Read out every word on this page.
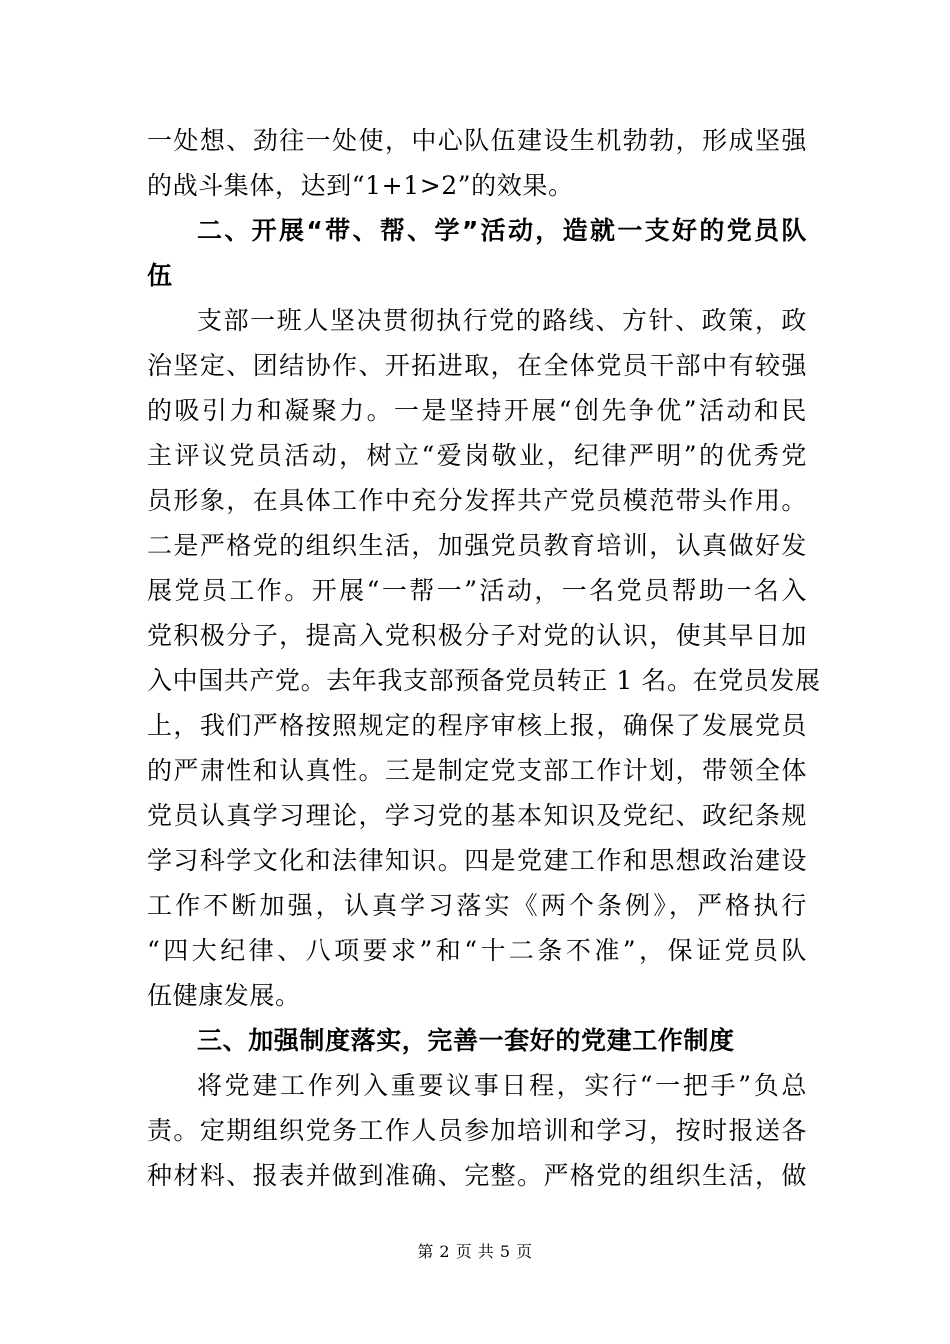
一处想、劲往一处使，中心队伍建设生机勃勃，形成坚强
的战斗集体，达到“1+1>2”的效果。
二、开展“带、帮、学”活动，造就一支好的党员队
伍
支部一班人坚决贯彻执行党的路线、方针、政策，政
治坚定、团结协作、开拓进取，在全体党员干部中有较强
的吸引力和凝聚力。一是坚持开展“创先争优”活动和民
主评议党员活动，树立“爱岗敬业，纪律严明”的优秀党
员形象，在具体工作中充分发挥共产党员模范带头作用。
二是严格党的组织生活，加强党员教育培训，认真做好发
展党员工作。开展“一帮一”活动，一名党员帮助一名入
党积极分子，提高入党积极分子对党的认识，使其早日加
入中国共产党。去年我支部预备党员转正 1 名。在党员发展
上，我们严格按照规定的程序审核上报，确保了发展党员
的严肃性和认真性。三是制定党支部工作计划，带领全体
党员认真学习理论，学习党的基本知识及党纪、政纪条规
学习科学文化和法律知识。四是党建工作和思想政治建设
工作不断加强，认真学习落实《两个条例》，严格执行
“四大纪律、八项要求”和“十二条不准”，保证党员队
伍健康发展。
三、加强制度落实，完善一套好的党建工作制度
将党建工作列入重要议事日程，实行“一把手”负总
责。定期组织党务工作人员参加培训和学习，按时报送各
种材料、报表并做到准确、完整。严格党的组织生活，做
第 2 页 共 5 页
